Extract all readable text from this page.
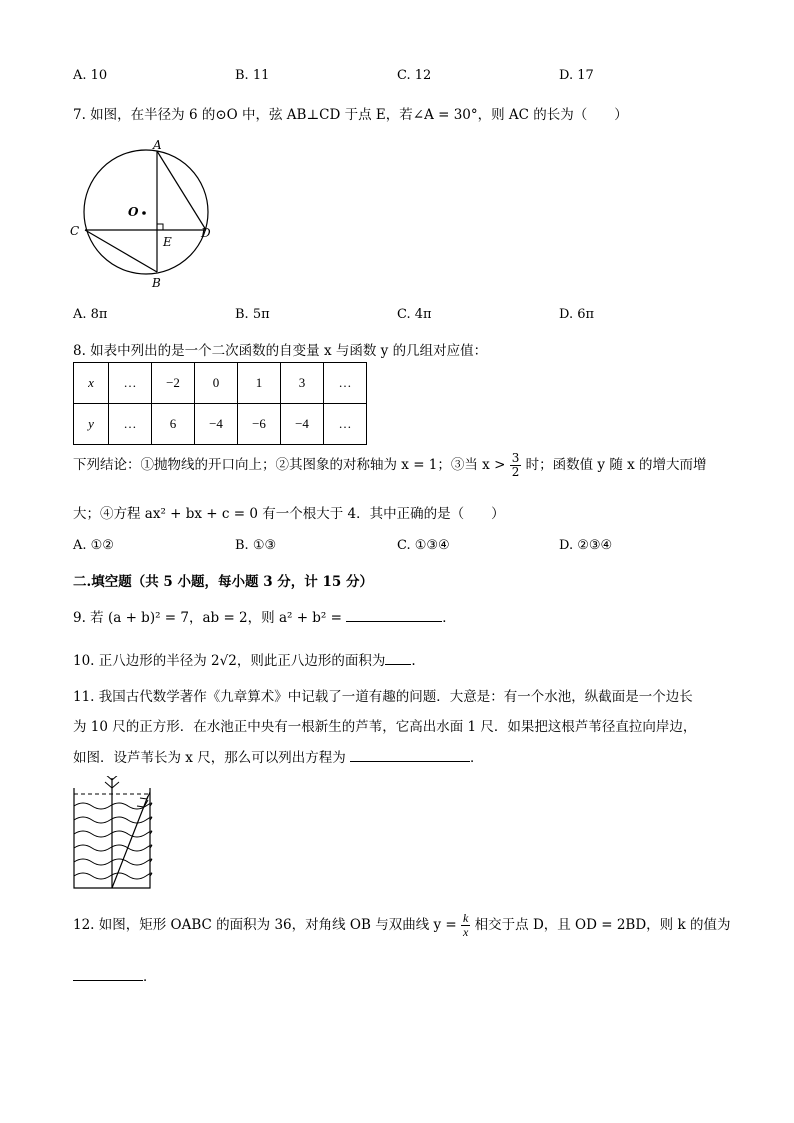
A. 10	B. 11	C. 12	D. 17
7. 如图，在半径为 6 的⊙O 中，弦 AB⊥CD 于点 E，若∠A = 30°，则 AC 的长为（　　）
A
C	D
E
B
O
A. 8π	B. 5π	C. 4π	D. 6π
8. 如表中列出的是一个二次函数的自变量 x 与函数 y 的几组对应值：
x	…	−2	0	1	3	…
y	…	6	−4	−6	−4	…
下列结论：①抛物线的开口向上；②其图象的对称轴为 x = 1；③当 $x > \frac{3}{2}$ 时；函数值 y 随 x 的增大而增
大；④方程 ax² + bx + c = 0 有一个根大于 4．其中正确的是（　　）
A. ①②	B. ①③	C. ①③④	D. ②③④
二.填空题（共 5 小题，每小题 3 分，计 15 分）
9. 若 (a + b)² = 7，ab = 2，则 a² + b² =	．
10. 正八边形的半径为 2√2，则此正八边形的面积为 .
11. 我国古代数学著作《九章算术》中记载了一道有趣的问题．大意是：有一个水池，纵截面是一个边长
为 10 尺的正方形．在水池正中央有一根新生的芦苇，它高出水面 1 尺．如果把这根芦苇径直拉向岸边，
如图．设芦苇长为 x 尺，那么可以列出方程为	．
12. 如图，矩形 OABC 的面积为 36，对角线 OB 与双曲线 $y = \frac{k}{x}$ 相交于点 D，且 OD = 2BD，则 k 的值为
．
